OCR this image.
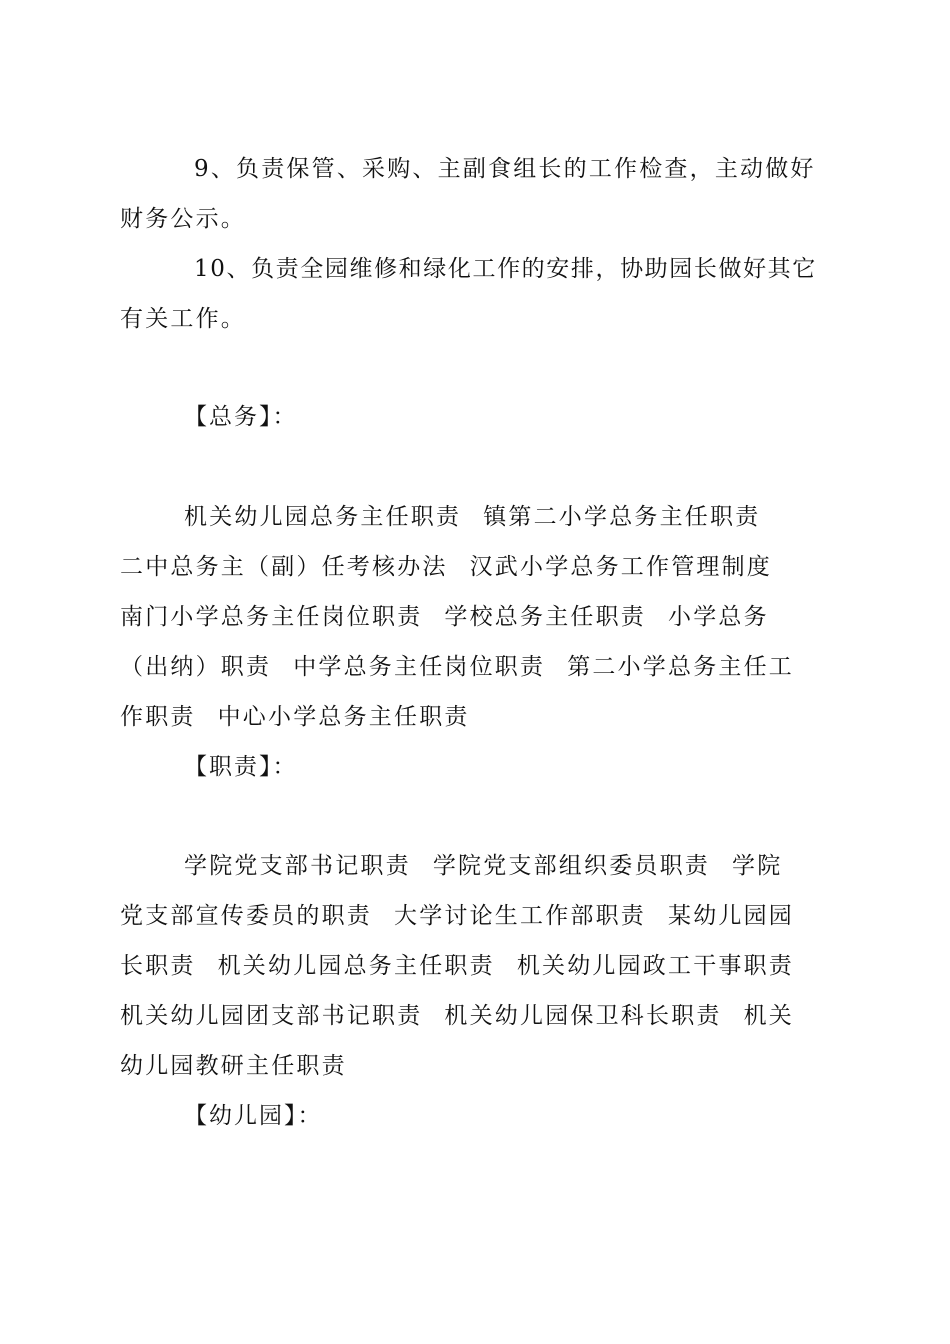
9、负责保管、采购、主副食组长的工作检查，主动做好
财务公示。
10、负责全园维修和绿化工作的安排，协助园长做好其它
有关工作。
【总务】：
机关幼儿园总务主任职责 镇第二小学总务主任职责
二中总务主（副）任考核办法 汉武小学总务工作管理制度
南门小学总务主任岗位职责 学校总务主任职责 小学总务
（出纳）职责 中学总务主任岗位职责 第二小学总务主任工
作职责 中心小学总务主任职责
【职责】：
学院党支部书记职责 学院党支部组织委员职责 学院
党支部宣传委员的职责 大学讨论生工作部职责 某幼儿园园
长职责 机关幼儿园总务主任职责 机关幼儿园政工干事职责
机关幼儿园团支部书记职责 机关幼儿园保卫科长职责 机关
幼儿园教研主任职责
【幼儿园】：
